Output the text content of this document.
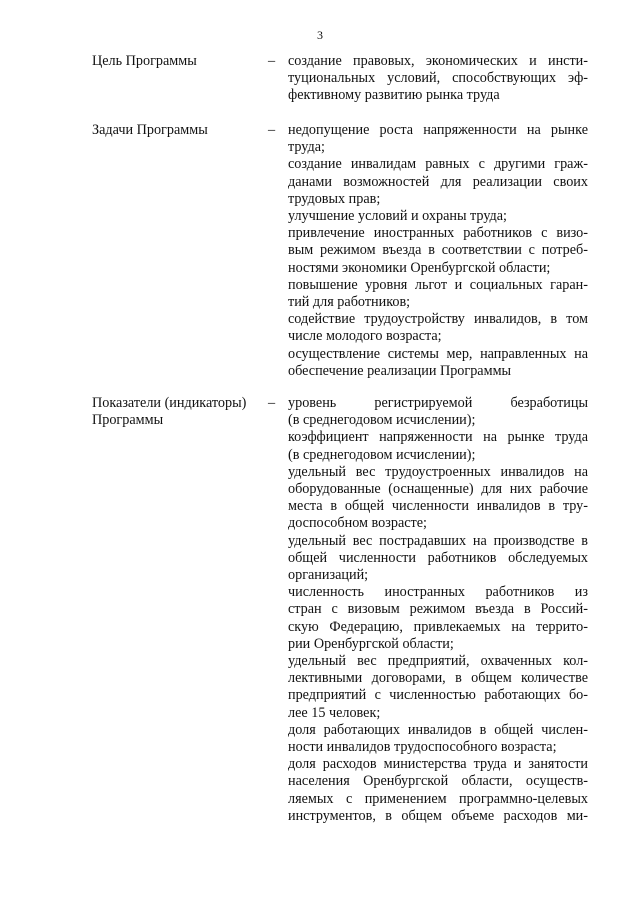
3
Цель Программы	– создание правовых, экономических и инсти-
туциональных условий, способствующих эф-
фективному развитию рынка труда
Задачи Программы	– недопущение роста напряженности на рынке
труда;
создание инвалидам равных с другими граж-
данами возможностей для реализации своих
трудовых прав;
улучшение условий и охраны труда;
привлечение иностранных работников с визо-
вым режимом въезда в соответствии с потреб-
ностями экономики Оренбургской области;
повышение уровня льгот и социальных гаран-
тий для работников;
содействие трудоустройству инвалидов, в том
числе молодого возраста;
осуществление системы мер, направленных на
обеспечение реализации Программы
Показатели (индикаторы)
Программы
– уровень регистрируемой безработицы
(в среднегодовом исчислении);
коэффициент напряженности на рынке труда
(в среднегодовом исчислении);
удельный вес трудоустроенных инвалидов на
оборудованные (оснащенные) для них рабочие
места в общей численности инвалидов в тру-
доспособном возрасте;
удельный вес пострадавших на производстве в
общей численности работников обследуемых
организаций;
численность иностранных работников из
стран с визовым режимом въезда в Россий-
скую Федерацию, привлекаемых на террито-
рии Оренбургской области;
удельный вес предприятий, охваченных кол-
лективными договорами, в общем количестве
предприятий с численностью работающих бо-
лее 15 человек;
доля работающих инвалидов в общей числен-
ности инвалидов трудоспособного возраста;
доля расходов министерства труда и занятости
населения Оренбургской области, осуществ-
ляемых с применением программно-целевых
инструментов, в общем объеме расходов ми-
